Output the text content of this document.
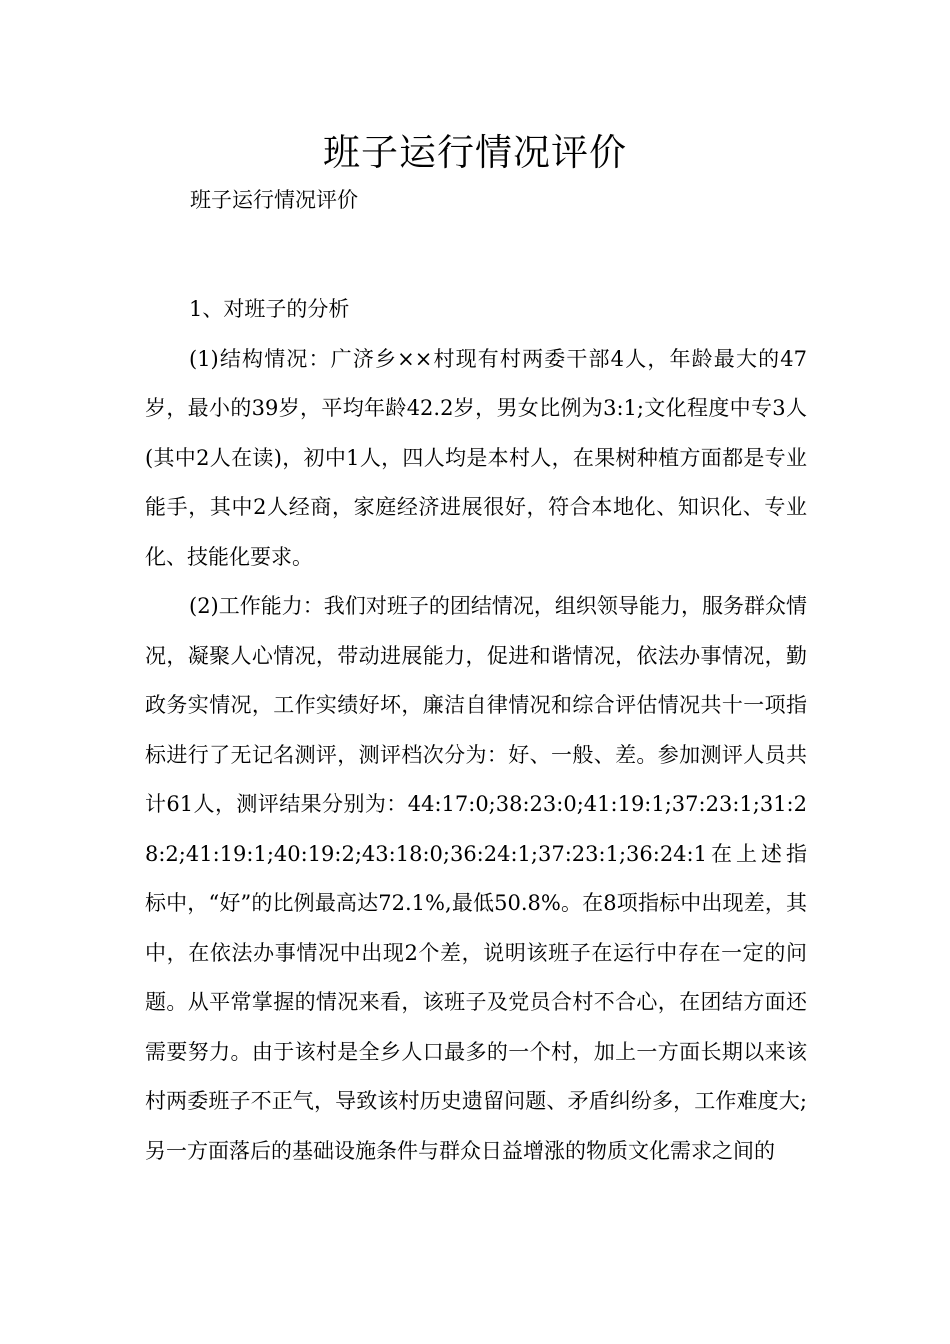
班子运行情况评价
班子运行情况评价

1、对班子的分析

(1)结构情况：广济乡××村现有村两委干部4人，年龄最大的47岁，最小的39岁，平均年龄42.2岁，男女比例为3:1;文化程度中专3人(其中2人在读)，初中1人，四人均是本村人，在果树种植方面都是专业能手，其中2人经商，家庭经济进展很好，符合本地化、知识化、专业化、技能化要求。

(2)工作能力：我们对班子的团结情况，组织领导能力，服务群众情况，凝聚人心情况，带动进展能力，促进和谐情况，依法办事情况，勤政务实情况，工作实绩好坏，廉洁自律情况和综合评估情况共十一项指标进行了无记名测评，测评档次分为：好、一般、差。参加测评人员共计61人，测评结果分别为：44:17:0;38:23:0;41:19:1;37:23:1;31:28:2;41:19:1;40:19:2;43:18:0;36:24:1;37:23:1;36:24:1在上述指标中，“好”的比例最高达72.1%,最低50.8%。在8项指标中出现差，其中，在依法办事情况中出现2个差，说明该班子在运行中存在一定的问题。从平常掌握的情况来看，该班子及党员合村不合心，在团结方面还需要努力。由于该村是全乡人口最多的一个村，加上一方面长期以来该村两委班子不正气，导致该村历史遗留问题、矛盾纠纷多，工作难度大;另一方面落后的基础设施条件与群众日益增涨的物质文化需求之间的
